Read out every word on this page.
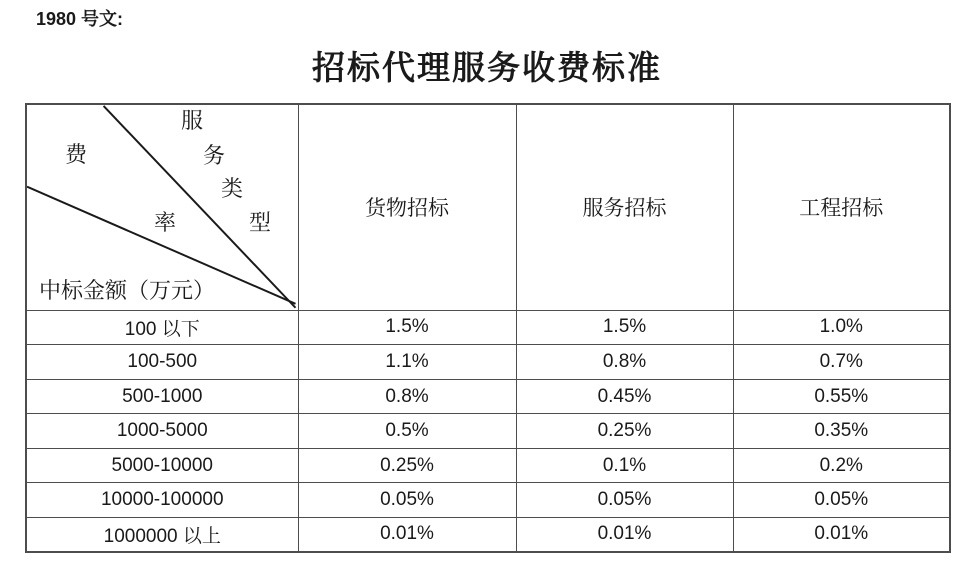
1980 号文:
招标代理服务收费标准
费
率
服
务
类
型
中标金额（万元）
	货物招标	服务招标	工程招标
100 以下	1.5%	1.5%	1.0%
100-500	1.1%	0.8%	0.7%
500-1000	0.8%	0.45%	0.55%
1000-5000	0.5%	0.25%	0.35%
5000-10000	0.25%	0.1%	0.2%
10000-100000	0.05%	0.05%	0.05%
1000000 以上	0.01%	0.01%	0.01%
